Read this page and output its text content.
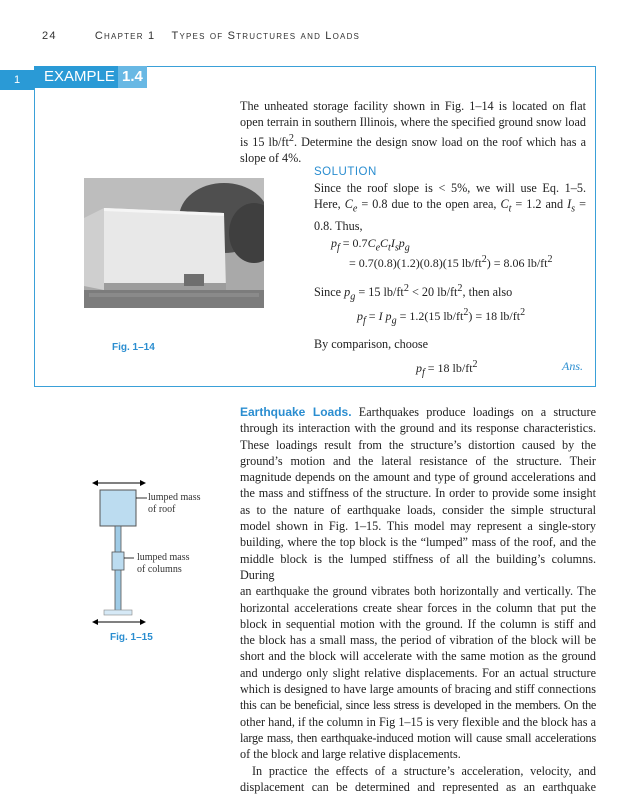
24	Chapter 1 Types of Structures and Loads
1	EXAMPLE 1.4
The unheated storage facility shown in Fig. 1–14 is located on flat open terrain in southern Illinois, where the specified ground snow load is 15 $lb/ft^2$. Determine the design snow load on the roof which has a slope of 4%.
SOLUTION
Since the roof slope is < 5%, we will use Eq. 1–5. Here, $C_e = 0.8$ due to the open area, $C_t = 1.2$ and $I_s = 0.8$. Thus,
$p_f = 0.7C_eC_tI_sp_g$
= 0.7(0.8)(1.2)(0.8)(15 $lb/ft^2) = 8.06$ $lb/ft^2$
Since $p_g = 15$ $lb/ft^2 < 20$ $lb/ft^2$, then also
$p_f = I$ $p_g = 1.2(15$ $lb/ft^2) = 18$ $lb/ft^2$
By comparison, choose
$p_f = 18$ $lb/ft^2$	Ans.
Fig. 1–14
Earthquake Loads. Earthquakes produce loadings on a structure
through its interaction with the ground and its response characteristics.
These loadings result from the structure’s distortion caused by the
ground’s motion and the lateral resistance of the structure. Their
magnitude depends on the amount and type of ground accelerations and
the mass and stiffness of the structure. In order to provide some insight
as to the nature of earthquake loads, consider the simple structural
model shown in Fig. 1–15. This model may represent a single-story
building, where the top block is the “lumped” mass of the roof, and the
middle block is the lumped stiffness of all the building’s columns. During
an earthquake the ground vibrates both horizontally and vertically. The
horizontal accelerations create shear forces in the column that put the
block in sequential motion with the ground. If the column is stiff and
the block has a small mass, the period of vibration of the block will be
short and the block will accelerate with the same motion as the ground
and undergo only slight relative displacements. For an actual structure
which is designed to have large amounts of bracing and stiff connections
this can be beneficial, since less stress is developed in the members. On the
other hand, if the column in Fig 1–15 is very flexible and the block has a
large mass, then earthquake-induced motion will cause small accelerations
of the block and large relative displacements.
In practice the effects of a structure’s acceleration, velocity, and
displacement can be determined and represented as an earthquake
lumped mass
of roof
lumped mass
of columns
Fig. 1–15
